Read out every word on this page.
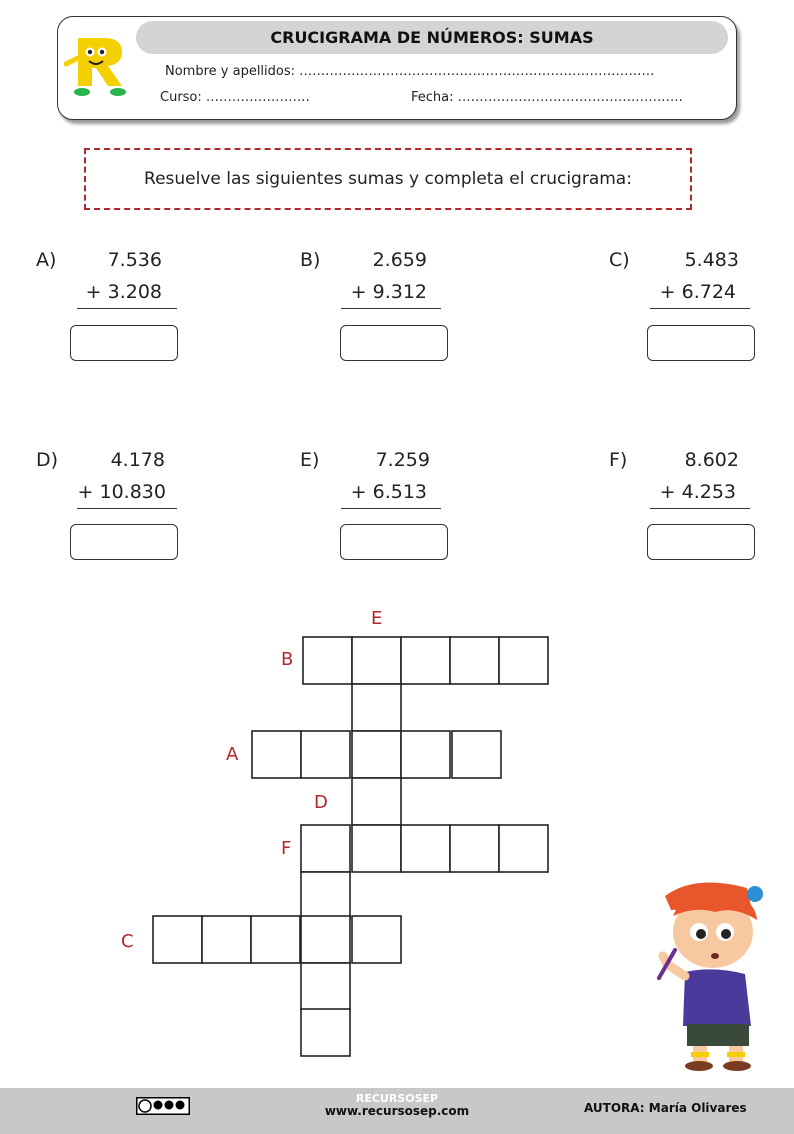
CRUCIGRAMA DE NÚMEROS: SUMAS
Nombre y apellidos: ……………………………………………………………………….
Curso: ……………………	Fecha: …………………………………………….
Resuelve las siguientes sumas y completa el crucigrama:
A)	7.536
+ 3.208
B)	2.659
+ 9.312
C)	5.483
+ 6.724
D)	4.178
+ 10.830
E)	7.259
+ 6.513
F)	8.602
+ 4.253
E
B
A
D
F
C
RECURSOSEP
www.recursosep.com	AUTORA: María Olivares
